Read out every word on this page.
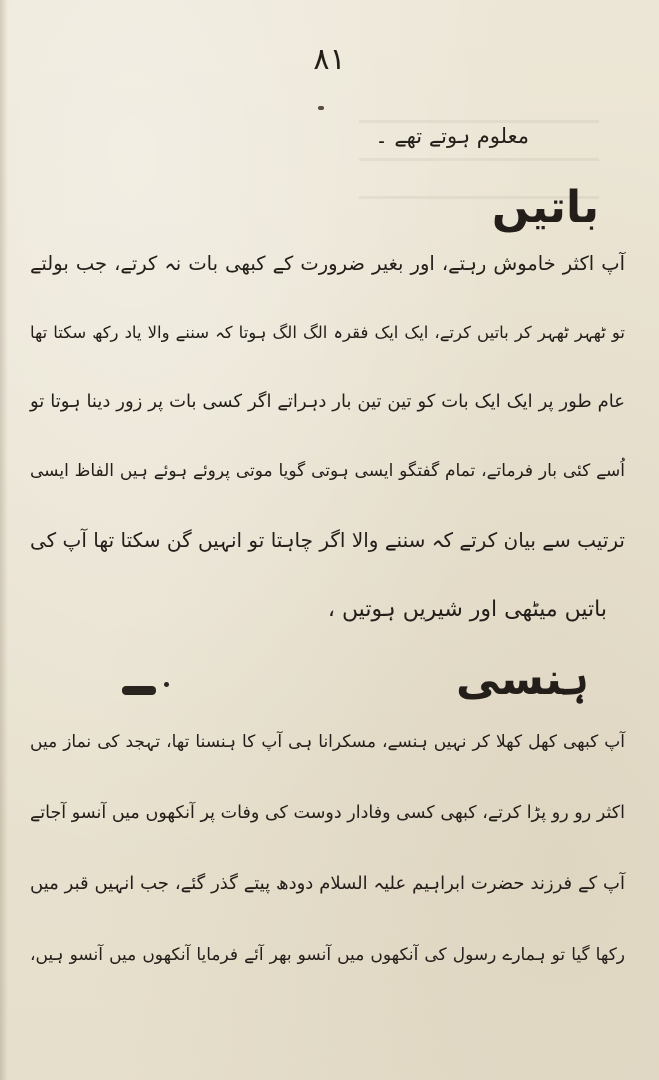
۸۱
معلوم ہوتے تھے ۔
باتیں
آپ اکثر خاموش رہتے، اور بغیر ضرورت کے کبھی بات نہ کرتے، جب بولتے
تو ٹھہر ٹھہر کر باتیں کرتے، ایک ایک فقرہ الگ الگ ہوتا کہ سننے والا یاد رکھ سکتا تھا
عام طور پر ایک ایک بات کو تین تین بار دہراتے اگر کسی بات پر زور دینا ہوتا تو
اُسے کئی بار فرماتے، تمام گفتگو ایسی ہوتی گویا موتی پروئے ہوئے ہیں الفاظ ایسی
ترتیب سے بیان کرتے کہ سننے والا اگر چاہتا تو انہیں گن سکتا تھا آپ کی
باتیں میٹھی اور شیریں ہوتیں ،
ہنسی
آپ کبھی کھل کھلا کر نہیں ہنسے، مسکرانا ہی آپ کا ہنسنا تھا، تہجد کی نماز میں
اکثر رو رو پڑا کرتے، کبھی کسی وفادار دوست کی وفات پر آنکھوں میں آنسو آجاتے
آپ کے فرزند حضرت ابراہیم علیہ السلام دودھ پیتے گذر گئے، جب انہیں قبر میں
رکھا گیا تو ہمارے رسول کی آنکھوں میں آنسو بھر آئے فرمایا آنکھوں میں آنسو ہیں،
